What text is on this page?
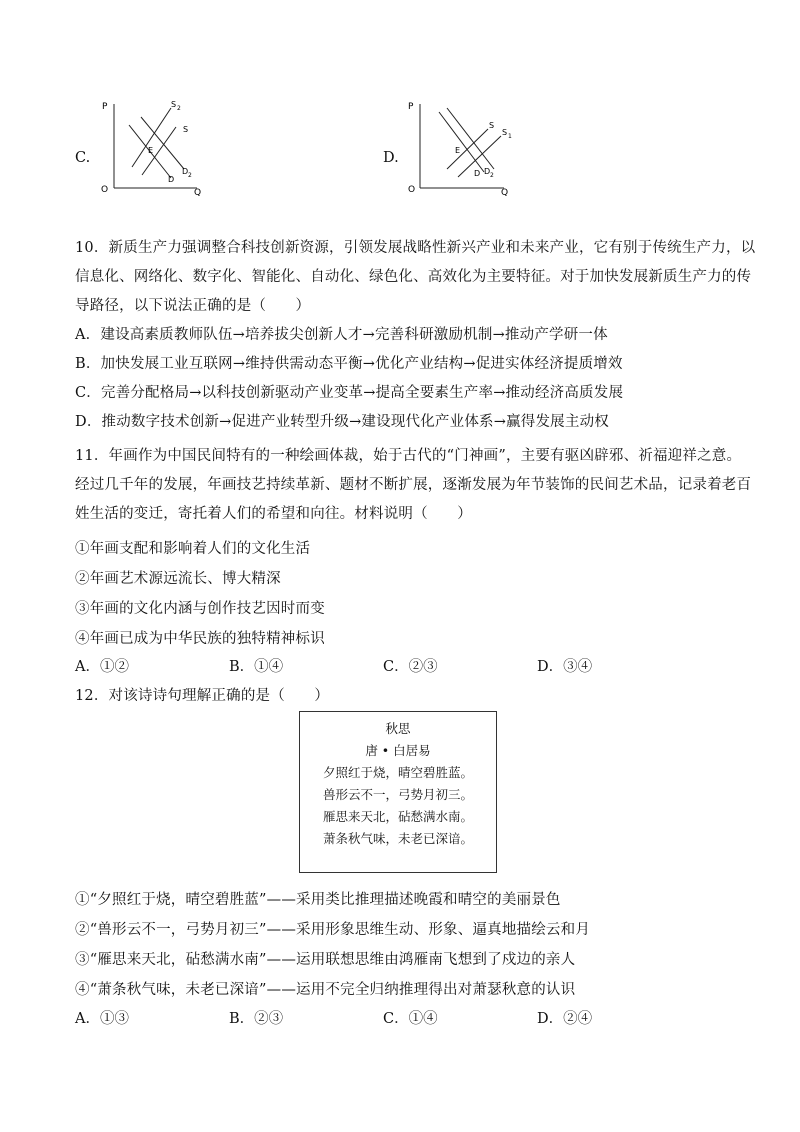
C.
P
O	Q
S 2
S
E
D
D 2
D.
P
O	Q
S
S 1
E
D D 2
10．新质生产力强调整合科技创新资源，引领发展战略性新兴产业和未来产业，它有别于传统生产力，以
信息化、网络化、数字化、智能化、自动化、绿色化、高效化为主要特征。对于加快发展新质生产力的传
导路径，以下说法正确的是（　　）
A．建设高素质教师队伍→培养拔尖创新人才→完善科研激励机制→推动产学研一体
B．加快发展工业互联网→维持供需动态平衡→优化产业结构→促进实体经济提质增效
C．完善分配格局→以科技创新驱动产业变革→提高全要素生产率→推动经济高质发展
D．推动数字技术创新→促进产业转型升级→建设现代化产业体系→赢得发展主动权
11．年画作为中国民间特有的一种绘画体裁，始于古代的“门神画”，主要有驱凶辟邪、祈福迎祥之意。
经过几千年的发展，年画技艺持续革新、题材不断扩展，逐渐发展为年节装饰的民间艺术品，记录着老百
姓生活的变迁，寄托着人们的希望和向往。材料说明（　　）
①年画支配和影响着人们的文化生活
②年画艺术源远流长、博大精深
③年画的文化内涵与创作技艺因时而变
④年画已成为中华民族的独特精神标识
A．①②	B．①④	C．②③	D．③④
12．对该诗诗句理解正确的是（　　）
秋思
唐 • 白居易
夕照红于烧，晴空碧胜蓝。
兽形云不一，弓势月初三。
雁思来天北，砧愁满水南。
萧条秋气味，未老已深谙。
①“夕照红于烧，晴空碧胜蓝”——采用类比推理描述晚霞和晴空的美丽景色
②“兽形云不一，弓势月初三”——采用形象思维生动、形象、逼真地描绘云和月
③“雁思来天北，砧愁满水南”——运用联想思维由鸿雁南飞想到了戍边的亲人
④“萧条秋气味，未老已深谙”——运用不完全归纳推理得出对萧瑟秋意的认识
A．①③	B．②③	C．①④	D．②④
